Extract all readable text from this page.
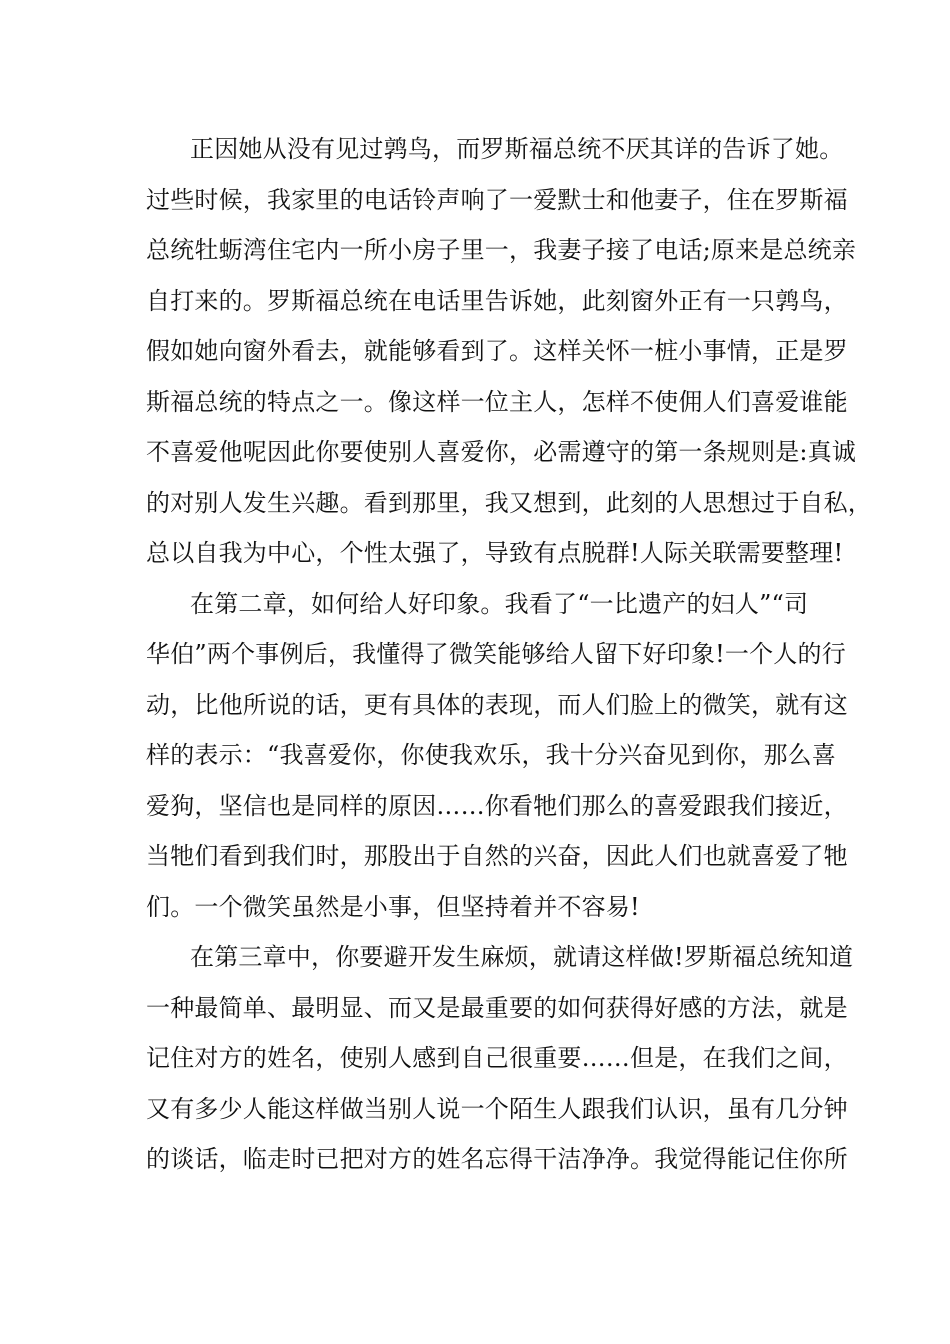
正因她从没有见过鹑鸟，而罗斯福总统不厌其详的告诉了她。
过些时候，我家里的电话铃声响了一爱默士和他妻子，住在罗斯福
总统牡蛎湾住宅内一所小房子里一，我妻子接了电话;原来是总统亲
自打来的。罗斯福总统在电话里告诉她，此刻窗外正有一只鹑鸟，
假如她向窗外看去，就能够看到了。这样关怀一桩小事情，正是罗
斯福总统的特点之一。像这样一位主人，怎样不使佣人们喜爱谁能
不喜爱他呢因此你要使别人喜爱你，必需遵守的第一条规则是:真诚
的对别人发生兴趣。看到那里，我又想到，此刻的人思想过于自私，
总以自我为中心，个性太强了，导致有点脱群!人际关联需要整理!
在第二章，如何给人好印象。我看了“一比遗产的妇人”“司
华伯”两个事例后，我懂得了微笑能够给人留下好印象!一个人的行
动，比他所说的话，更有具体的表现，而人们脸上的微笑，就有这
样的表示：“我喜爱你，你使我欢乐，我十分兴奋见到你，那么喜
爱狗，坚信也是同样的原因……你看牠们那么的喜爱跟我们接近，
当牠们看到我们时，那股出于自然的兴奋，因此人们也就喜爱了牠
们。一个微笑虽然是小事，但坚持着并不容易!
在第三章中，你要避开发生麻烦，就请这样做!罗斯福总统知道
一种最简单、最明显、而又是最重要的如何获得好感的方法，就是
记住对方的姓名，使别人感到自己很重要……但是，在我们之间，
又有多少人能这样做当别人说一个陌生人跟我们认识，虽有几分钟
的谈话，临走时已把对方的姓名忘得干洁净净。我觉得能记住你所
